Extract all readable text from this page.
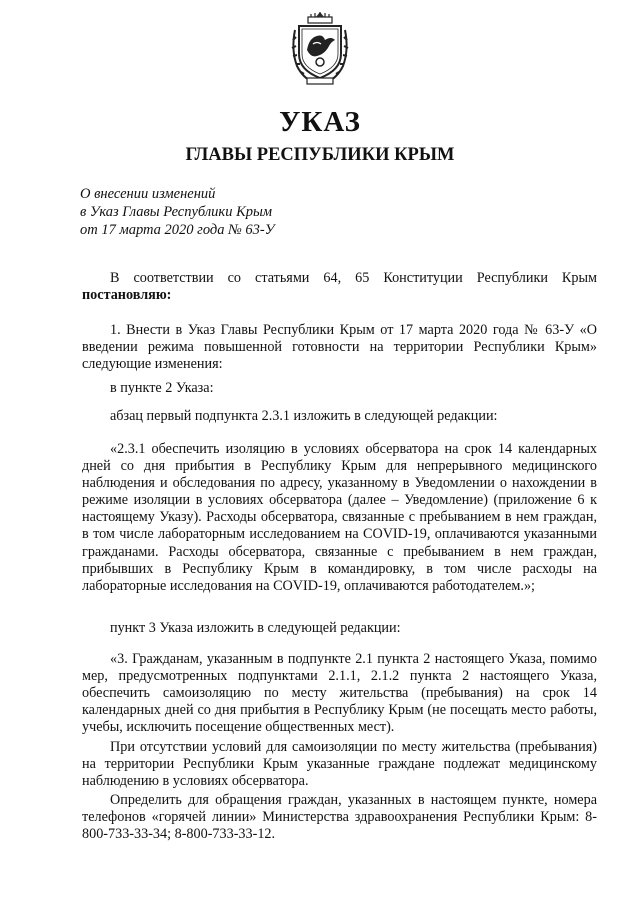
УКАЗ
ГЛАВЫ РЕСПУБЛИКИ КРЫМ
О внесении изменений
в Указ Главы Республики Крым
от 17 марта 2020 года № 63-У

В соответствии со статьями 64, 65 Конституции Республики Крым постановляю:

1. Внести в Указ Главы Республики Крым от 17 марта 2020 года № 63-У «О введении режима повышенной готовности на территории Республики Крым» следующие изменения:

в пункте 2 Указа:

абзац первый подпункта 2.3.1 изложить в следующей редакции:

«2.3.1 обеспечить изоляцию в условиях обсерватора на срок 14 календарных дней со дня прибытия в Республику Крым для непрерывного медицинского наблюдения и обследования по адресу, указанному в Уведомлении о нахождении в режиме изоляции в условиях обсерватора (далее – Уведомление) (приложение 6 к настоящему Указу). Расходы обсерватора, связанные с пребыванием в нем граждан, в том числе лабораторным исследованием на COVID-19, оплачиваются указанными гражданами. Расходы обсерватора, связанные с пребыванием в нем граждан, прибывших в Республику Крым в командировку, в том числе расходы на лабораторные исследования на COVID-19, оплачиваются работодателем.»;

пункт 3 Указа изложить в следующей редакции:

«3. Гражданам, указанным в подпункте 2.1 пункта 2 настоящего Указа, помимо мер, предусмотренных подпунктами 2.1.1, 2.1.2 пункта 2 настоящего Указа, обеспечить самоизоляцию по месту жительства (пребывания) на срок 14 календарных дней со дня прибытия в Республику Крым (не посещать место работы, учебы, исключить посещение общественных мест).

При отсутствии условий для самоизоляции по месту жительства (пребывания) на территории Республики Крым указанные граждане подлежат медицинскому наблюдению в условиях обсерватора.

Определить для обращения граждан, указанных в настоящем пункте, номера телефонов «горячей линии» Министерства здравоохранения Республики Крым: 8-800-733-33-34; 8-800-733-33-12.
